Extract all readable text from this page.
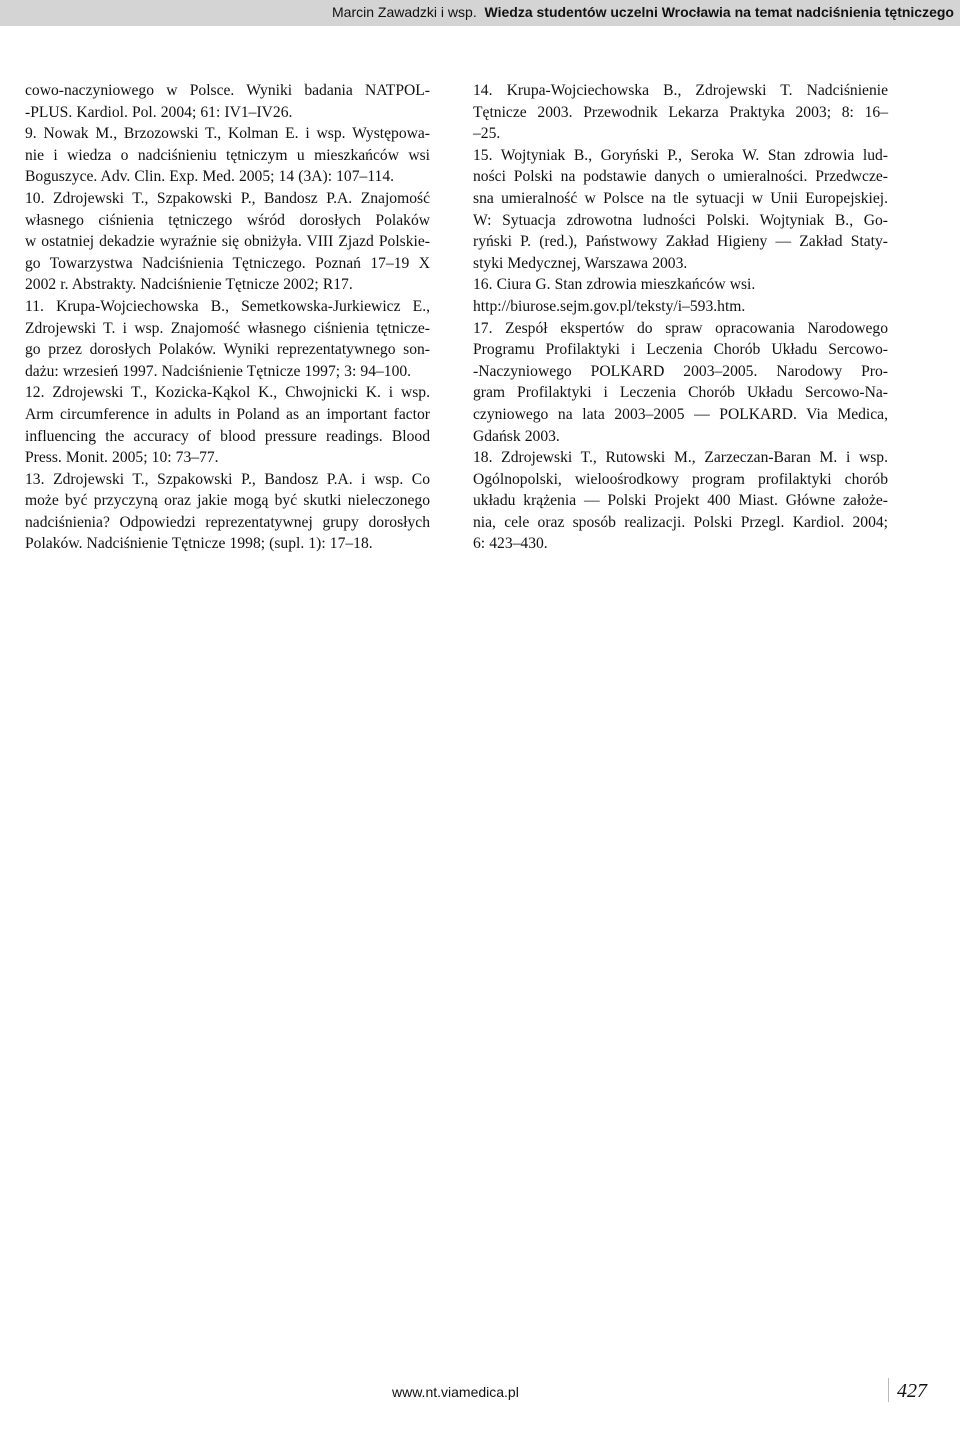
Marcin Zawadzki i wsp. Wiedza studentów uczelni Wrocławia na temat nadciśnienia tętniczego
cowo-naczyniowego w Polsce. Wyniki badania NATPOL-
-PLUS. Kardiol. Pol. 2004; 61: IV1–IV26.
9. Nowak M., Brzozowski T., Kolman E. i wsp. Występowa-
nie i wiedza o nadciśnieniu tętniczym u mieszkańców wsi
Boguszyce. Adv. Clin. Exp. Med. 2005; 14 (3A): 107–114.
10. Zdrojewski T., Szpakowski P., Bandosz P.A. Znajomość
własnego ciśnienia tętniczego wśród dorosłych Polaków
w ostatniej dekadzie wyraźnie się obniżyła. VIII Zjazd Polskie-
go Towarzystwa Nadciśnienia Tętniczego. Poznań 17–19 X
2002 r. Abstrakty. Nadciśnienie Tętnicze 2002; R17.
11. Krupa-Wojciechowska B., Semetkowska-Jurkiewicz E.,
Zdrojewski T. i wsp. Znajomość własnego ciśnienia tętnicze-
go przez dorosłych Polaków. Wyniki reprezentatywnego son-
dażu: wrzesień 1997. Nadciśnienie Tętnicze 1997; 3: 94–100.
12. Zdrojewski T., Kozicka-Kąkol K., Chwojnicki K. i wsp.
Arm circumference in adults in Poland as an important factor
influencing the accuracy of blood pressure readings. Blood
Press. Monit. 2005; 10: 73–77.
13. Zdrojewski T., Szpakowski P., Bandosz P.A. i wsp. Co
może być przyczyną oraz jakie mogą być skutki nieleczonego
nadciśnienia? Odpowiedzi reprezentatywnej grupy dorosłych
Polaków. Nadciśnienie Tętnicze 1998; (supl. 1): 17–18.
14. Krupa-Wojciechowska B., Zdrojewski T. Nadciśnienie
Tętnicze 2003. Przewodnik Lekarza Praktyka 2003; 8: 16–
–25.
15. Wojtyniak B., Goryński P., Seroka W. Stan zdrowia lud-
ności Polski na podstawie danych o umieralności. Przedwcze-
sna umieralność w Polsce na tle sytuacji w Unii Europejskiej.
W: Sytuacja zdrowotna ludności Polski. Wojtyniak B., Go-
ryński P. (red.), Państwowy Zakład Higieny — Zakład Staty-
styki Medycznej, Warszawa 2003.
16. Ciura G. Stan zdrowia mieszkańców wsi.
http://biurose.sejm.gov.pl/teksty/i–593.htm.
17. Zespół ekspertów do spraw opracowania Narodowego
Programu Profilaktyki i Leczenia Chorób Układu Sercowo-
-Naczyniowego POLKARD 2003–2005. Narodowy Pro-
gram Profilaktyki i Leczenia Chorób Układu Sercowo-Na-
czyniowego na lata 2003–2005 — POLKARD. Via Medica,
Gdańsk 2003.
18. Zdrojewski T., Rutowski M., Zarzeczan-Baran M. i wsp.
Ogólnopolski, wieloośrodkowy program profilaktyki chorób
układu krążenia — Polski Projekt 400 Miast. Główne założe-
nia, cele oraz sposób realizacji. Polski Przegl. Kardiol. 2004;
6: 423–430.
www.nt.viamedica.pl	427
